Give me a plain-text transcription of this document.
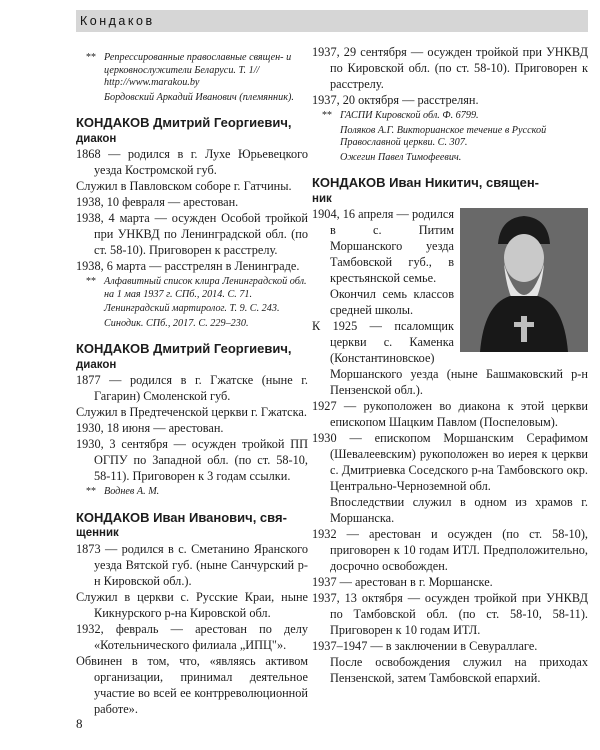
Кондаков
** Репрессированные православные священ- и церковнослужители Беларуси. Т. 1// http://www.marakou.by
Бордовский Аркадий Иванович (племянник).
КОНДАКОВ Дмитрий Георгиевич,
диакон

1868 — родился в г. Лухе Юрьевецкого уезда Костромской губ.

Служил в Павловском соборе г. Гатчины.

1938, 10 февраля — арестован.

1938, 4 марта — осужден Особой тройкой при УНКВД по Ленинградской обл. (по ст. 58-10). Приговорен к расстрелу.

1938, 6 марта — расстрелян в Ленинграде.

** Алфавитный список клира Ленинградской обл. на 1 мая 1937 г. СПб., 2014. С. 71.
Ленинградский мартиролог. Т. 9. С. 243.
Синодик. СПб., 2017. С. 229–230.
КОНДАКОВ Дмитрий Георгиевич,
диакон

1877 — родился в г. Гжатске (ныне г. Гагарин) Смоленской губ.

Служил в Предтеченской церкви г. Гжатска.

1930, 18 июня — арестован.

1930, 3 сентября — осужден тройкой ПП ОГПУ по Западной обл. (по ст. 58-10, 58-11). Приговорен к 3 годам ссылки.

** Воднев А. М.
КОНДАКОВ Иван Иванович, свя-
щенник

1873 — родился в с. Сметанино Яранского уезда Вятской губ. (ныне Санчурский р-н Кировской обл.).

Служил в церкви с. Русские Краи, ныне Кикнурского р-на Кировской обл.

1932, февраль — арестован по делу «Котельнического филиала „ИПЦ"».

Обвинен в том, что, «являясь активом организации, принимал деятельное участие во всей ее контрреволюционной работе».

1937, 29 сентября — осужден тройкой при УНКВД по Кировской обл. (по ст. 58-10). Приговорен к расстрелу.

1937, 20 октября — расстрелян.

** ГАСПИ Кировской обл. Ф. 6799.
Поляков А.Г. Викторианское течение в Русской Православной церкви. С. 307.
Ожегин Павел Тимофеевич.
КОНДАКОВ Иван Никитич, священ-
ник

1904, 16 апреля — родился в с. Питим Моршанского уезда Тамбовской губ., в крестьянской семье.

Окончил семь классов средней школы.

К 1925 — псаломщик церкви с. Каменка (Константиновское) Моршанского уезда (ныне Башмаковский р-н Пензенской обл.).

1927 — рукоположен во диакона к этой церкви епископом Шацким Павлом (Поспеловым).

1930 — епископом Моршанским Серафимом (Шевалеевским) рукоположен во иерея к церкви с. Дмитриевка Соседского р-на Тамбовского окр. Центрально-Черноземной обл.

Впоследствии служил в одном из храмов г. Моршанска.

1932 — арестован и осужден (по ст. 58-10), приговорен к 10 годам ИТЛ. Предположительно, досрочно освобожден.

1937 — арестован в г. Моршанске.

1937, 13 октября — осужден тройкой при УНКВД по Тамбовской обл. (по ст. 58-10, 58-11). Приговорен к 10 годам ИТЛ.

1937–1947 — в заключении в Севураллаге.

После освобождения служил на приходах Пензенской, затем Тамбовской епархий.

8
